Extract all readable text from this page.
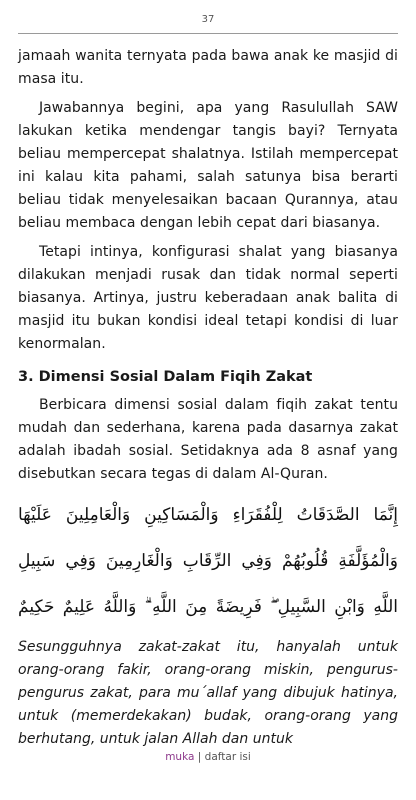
37

jamaah wanita ternyata pada bawa anak ke masjid di masa itu.

Jawabannya begini, apa yang Rasulullah SAW lakukan ketika mendengar tangis bayi? Ternyata beliau mempercepat shalatnya. Istilah mempercepat ini kalau kita pahami, salah satunya bisa berarti beliau tidak menyelesaikan bacaan Qurannya, atau beliau membaca dengan lebih cepat dari biasanya.

Tetapi intinya, konfigurasi shalat yang biasanya dilakukan menjadi rusak dan tidak normal seperti biasanya. Artinya, justru keberadaan anak balita di masjid itu bukan kondisi ideal tetapi kondisi di luar kenormalan.

3. Dimensi Sosial Dalam Fiqih Zakat

Berbicara dimensi sosial dalam fiqih zakat tentu mudah dan sederhana, karena pada dasarnya zakat adalah ibadah sosial. Setidaknya ada 8 asnaf yang disebutkan secara tegas di dalam Al-Quran.

إِنَّمَا الصَّدَقَاتُ لِلْفُقَرَاءِ وَالْمَسَاكِينِ وَالْعَامِلِينَ عَلَيْهَا وَالْمُؤَلَّفَةِ قُلُوبُهُمْ وَفِي الرِّقَابِ وَالْغَارِمِينَ وَفِي سَبِيلِ اللَّهِ وَابْنِ السَّبِيلِ ۖ فَرِيضَةً مِنَ اللَّهِ ۗ وَاللَّهُ عَلِيمٌ حَكِيمٌ

Sesungguhnya zakat-zakat itu, hanyalah untuk orang-orang fakir, orang-orang miskin, pengurus-pengurus zakat, para mu´allaf yang dibujuk hatinya, untuk (memerdekakan) budak, orang-orang yang berhutang, untuk jalan Allah dan untuk

muka | daftar isi
